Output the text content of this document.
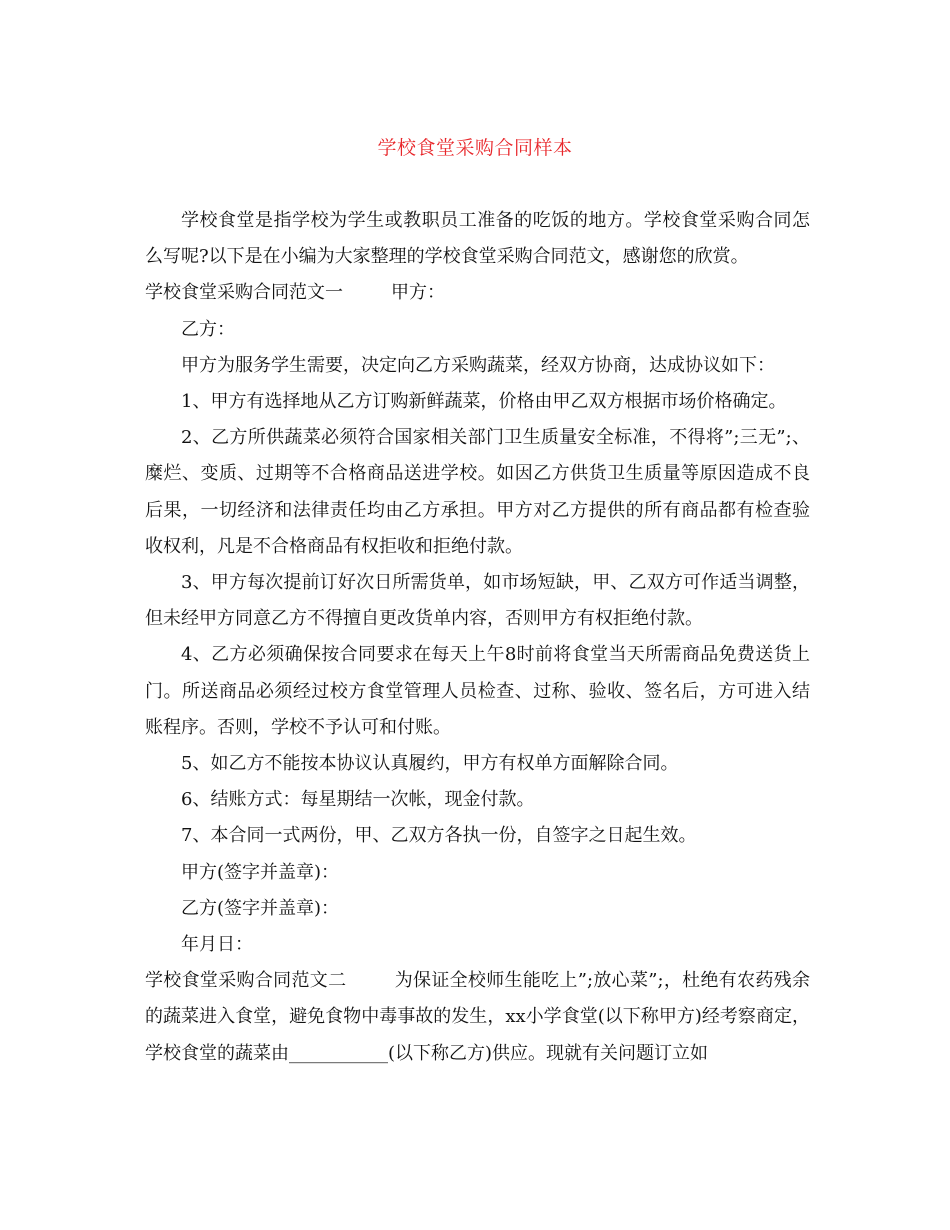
学校食堂采购合同样本

学校食堂是指学校为学生或教职员工准备的吃饭的地方。学校食堂采购合同怎么写呢?以下是在小编为大家整理的学校食堂采购合同范文，感谢您的欣赏。

学校食堂采购合同范文一	甲方：

乙方：

甲方为服务学生需要，决定向乙方采购蔬菜，经双方协商，达成协议如下：

1、甲方有选择地从乙方订购新鲜蔬菜，价格由甲乙双方根据市场价格确定。

2、乙方所供蔬菜必须符合国家相关部门卫生质量安全标准，不得将”;三无”;、糜烂、变质、过期等不合格商品送进学校。如因乙方供货卫生质量等原因造成不良后果，一切经济和法律责任均由乙方承担。甲方对乙方提供的所有商品都有检查验收权利，凡是不合格商品有权拒收和拒绝付款。

3、甲方每次提前订好次日所需货单，如市场短缺，甲、乙双方可作适当调整，但未经甲方同意乙方不得擅自更改货单内容，否则甲方有权拒绝付款。

4、乙方必须确保按合同要求在每天上午8时前将食堂当天所需商品免费送货上门。所送商品必须经过校方食堂管理人员检查、过称、验收、签名后，方可进入结账程序。否则，学校不予认可和付账。

5、如乙方不能按本协议认真履约，甲方有权单方面解除合同。

6、结账方式：每星期结一次帐，现金付款。

7、本合同一式两份，甲、乙双方各执一份，自签字之日起生效。

甲方(签字并盖章)：

乙方(签字并盖章)：

年月日：

学校食堂采购合同范文二	为保证全校师生能吃上”;放心菜”;，杜绝有农药残余的蔬菜进入食堂，避免食物中毒事故的发生，xx小学食堂(以下称甲方)经考察商定，学校食堂的蔬菜由___________(以下称乙方)供应。现就有关问题订立如
